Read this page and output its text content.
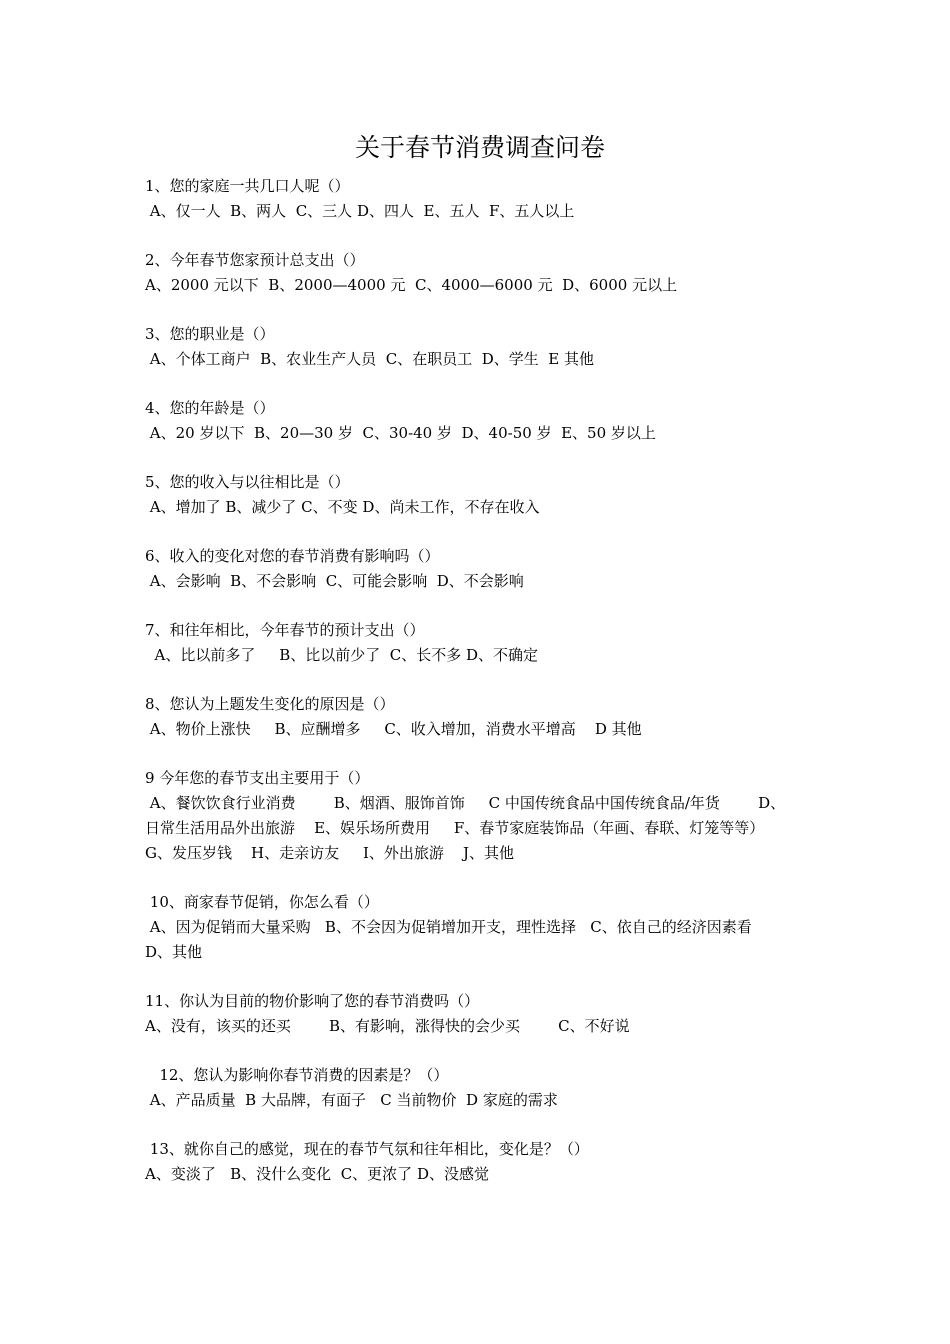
关于春节消费调查问卷
1、您的家庭一共几口人呢（）
A、仅一人  B、两人  C、三人 D、四人  E、五人  F、五人以上
2、今年春节您家预计总支出（）
A、2000 元以下  B、2000—4000 元  C、4000—6000 元  D、6000 元以上
3、您的职业是（）
A、个体工商户  B、农业生产人员  C、在职员工  D、学生  E 其他
4、您的年龄是（）
A、20 岁以下  B、20—30 岁  C、30-40 岁  D、40-50 岁  E、50 岁以上
5、您的收入与以往相比是（）
A、增加了 B、减少了 C、不变 D、尚未工作，不存在收入
6、收入的变化对您的春节消费有影响吗（）
A、会影响  B、不会影响  C、可能会影响  D、不会影响
7、和往年相比，今年春节的预计支出（）
A、比以前多了     B、比以前少了  C、长不多 D、不确定
8、您认为上题发生变化的原因是（）
A、物价上涨快     B、应酬增多     C、收入增加，消费水平增高    D 其他
9 今年您的春节支出主要用于（）
A、餐饮饮食行业消费        B、烟酒、服饰首饰     C 中国传统食品中国传统食品/年货        D、
日常生活用品外出旅游    E、娱乐场所费用     F、春节家庭装饰品（年画、春联、灯笼等等）
G、发压岁钱    H、走亲访友     I、外出旅游    J、其他
10、商家春节促销，你怎么看（）
A、因为促销而大量采购   B、不会因为促销增加开支，理性选择   C、依自己的经济因素看
D、其他
11、你认为目前的物价影响了您的春节消费吗（）
A、没有，该买的还买        B、有影响，涨得快的会少买        C、不好说
12、您认为影响你春节消费的因素是？（）
A、产品质量  B 大品牌，有面子   C 当前物价  D 家庭的需求
13、就你自己的感觉，现在的春节气氛和往年相比，变化是？（）
A、变淡了   B、没什么变化  C、更浓了 D、没感觉
